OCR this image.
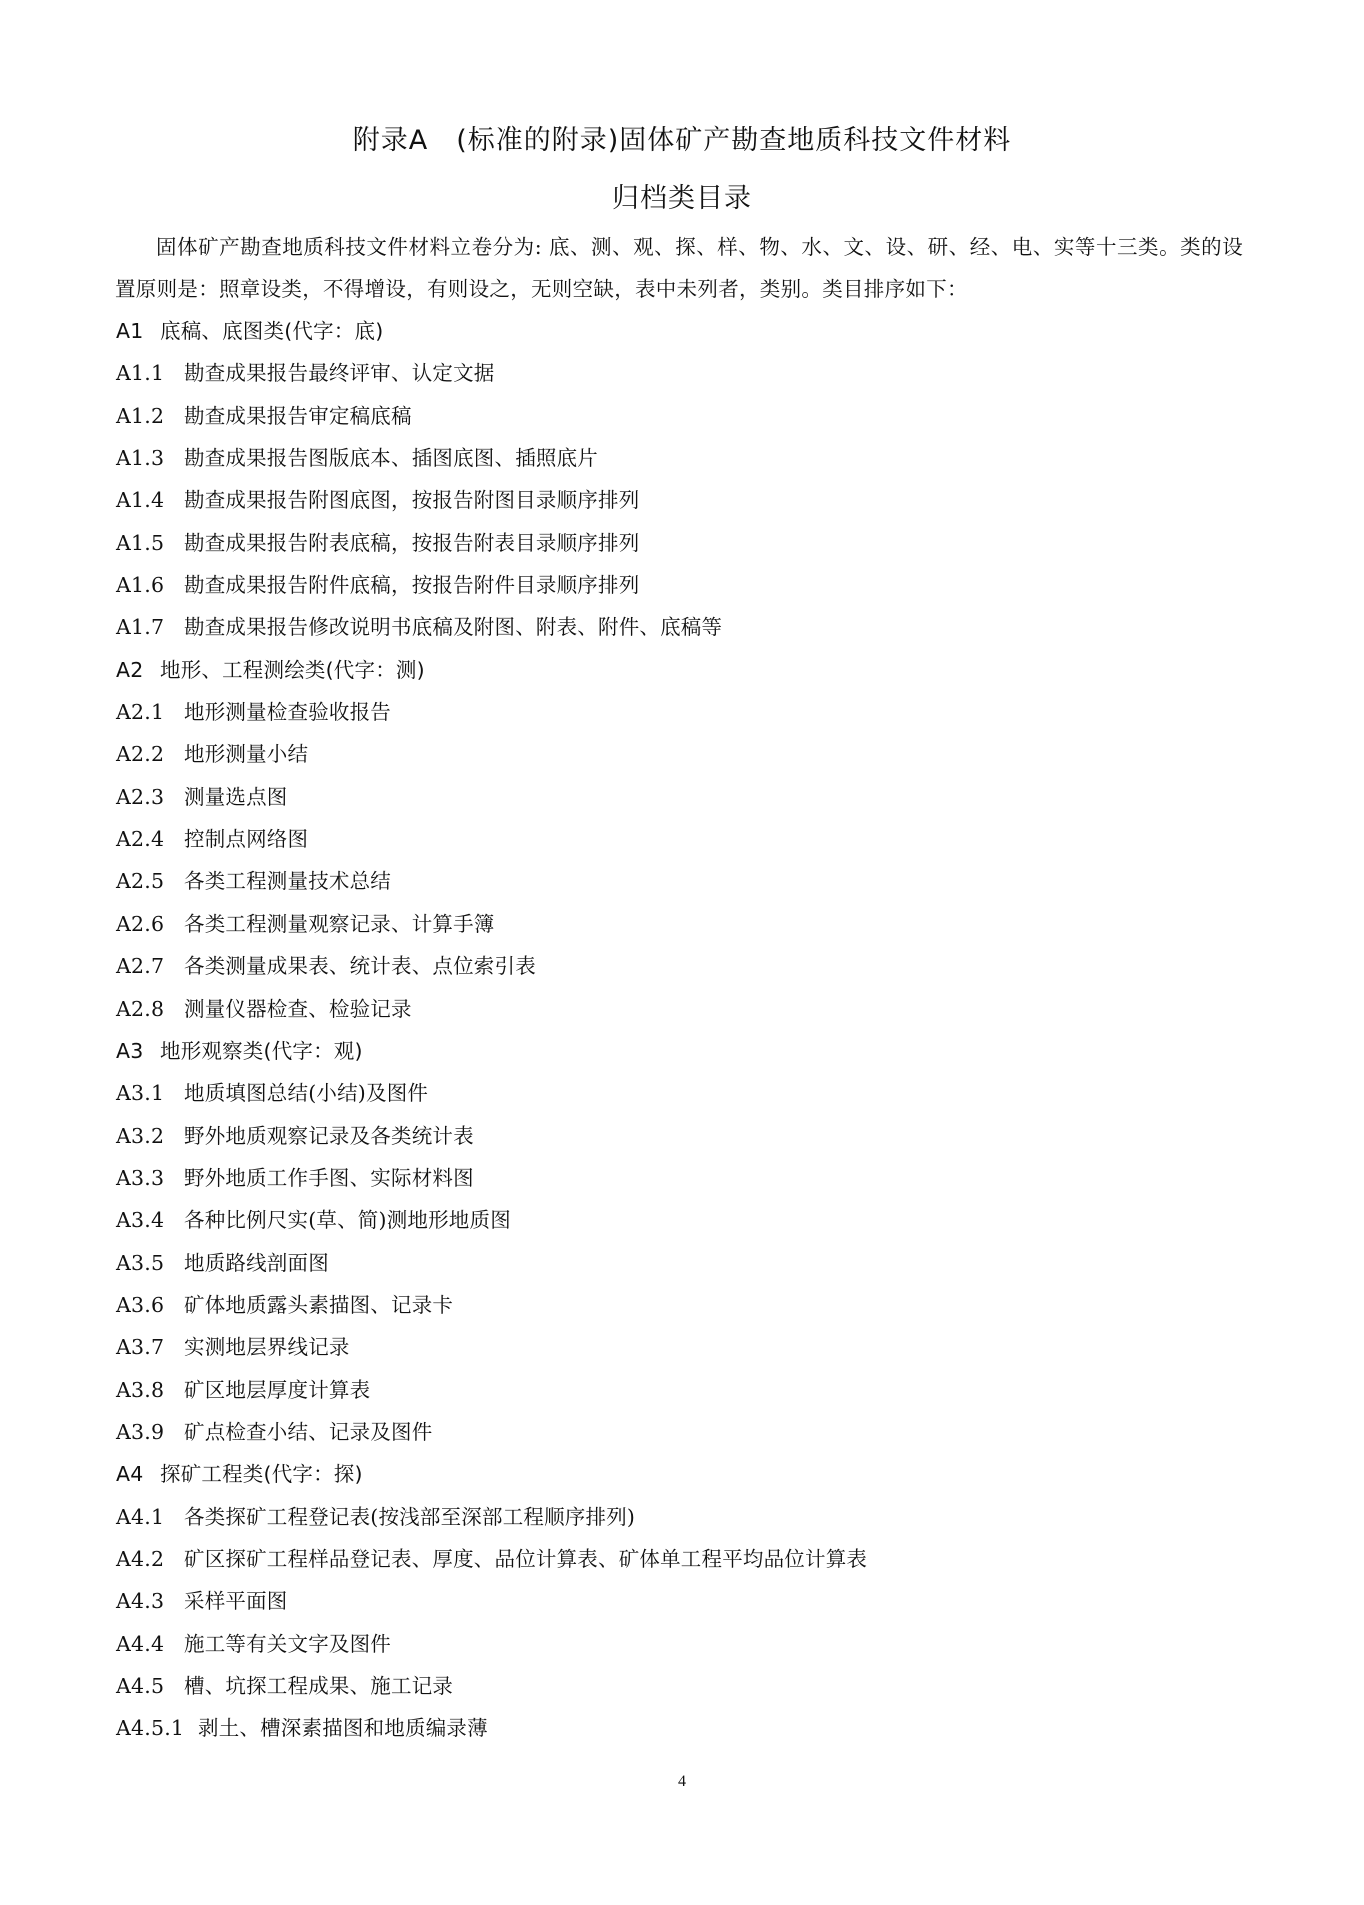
附录A　(标准的附录)固体矿产勘查地质科技文件材料
归档类目录
固体矿产勘查地质科技文件材料立卷分为: 底、测、观、探、样、物、水、文、设、研、经、电、实等十三类。类的设置原则是：照章设类，不得增设，有则设之，无则空缺，表中未列者，类别。类目排序如下：
A1 底稿、底图类(代字：底)
A1.1 勘查成果报告最终评审、认定文据
A1.2 勘查成果报告审定稿底稿
A1.3 勘查成果报告图版底本、插图底图、插照底片
A1.4 勘查成果报告附图底图，按报告附图目录顺序排列
A1.5 勘查成果报告附表底稿，按报告附表目录顺序排列
A1.6 勘查成果报告附件底稿，按报告附件目录顺序排列
A1.7 勘查成果报告修改说明书底稿及附图、附表、附件、底稿等
A2 地形、工程测绘类(代字：测)
A2.1 地形测量检查验收报告
A2.2 地形测量小结
A2.3 测量选点图
A2.4 控制点网络图
A2.5 各类工程测量技术总结
A2.6 各类工程测量观察记录、计算手簿
A2.7 各类测量成果表、统计表、点位索引表
A2.8 测量仪器检查、检验记录
A3 地形观察类(代字：观)
A3.1 地质填图总结(小结)及图件
A3.2 野外地质观察记录及各类统计表
A3.3 野外地质工作手图、实际材料图
A3.4 各种比例尺实(草、简)测地形地质图
A3.5 地质路线剖面图
A3.6 矿体地质露头素描图、记录卡
A3.7 实测地层界线记录
A3.8 矿区地层厚度计算表
A3.9 矿点检查小结、记录及图件
A4 探矿工程类(代字：探)
A4.1 各类探矿工程登记表(按浅部至深部工程顺序排列)
A4.2 矿区探矿工程样品登记表、厚度、品位计算表、矿体单工程平均品位计算表
A4.3 采样平面图
A4.4 施工等有关文字及图件
A4.5 槽、坑探工程成果、施工记录
A4.5.1 剥土、槽深素描图和地质编录薄
4
